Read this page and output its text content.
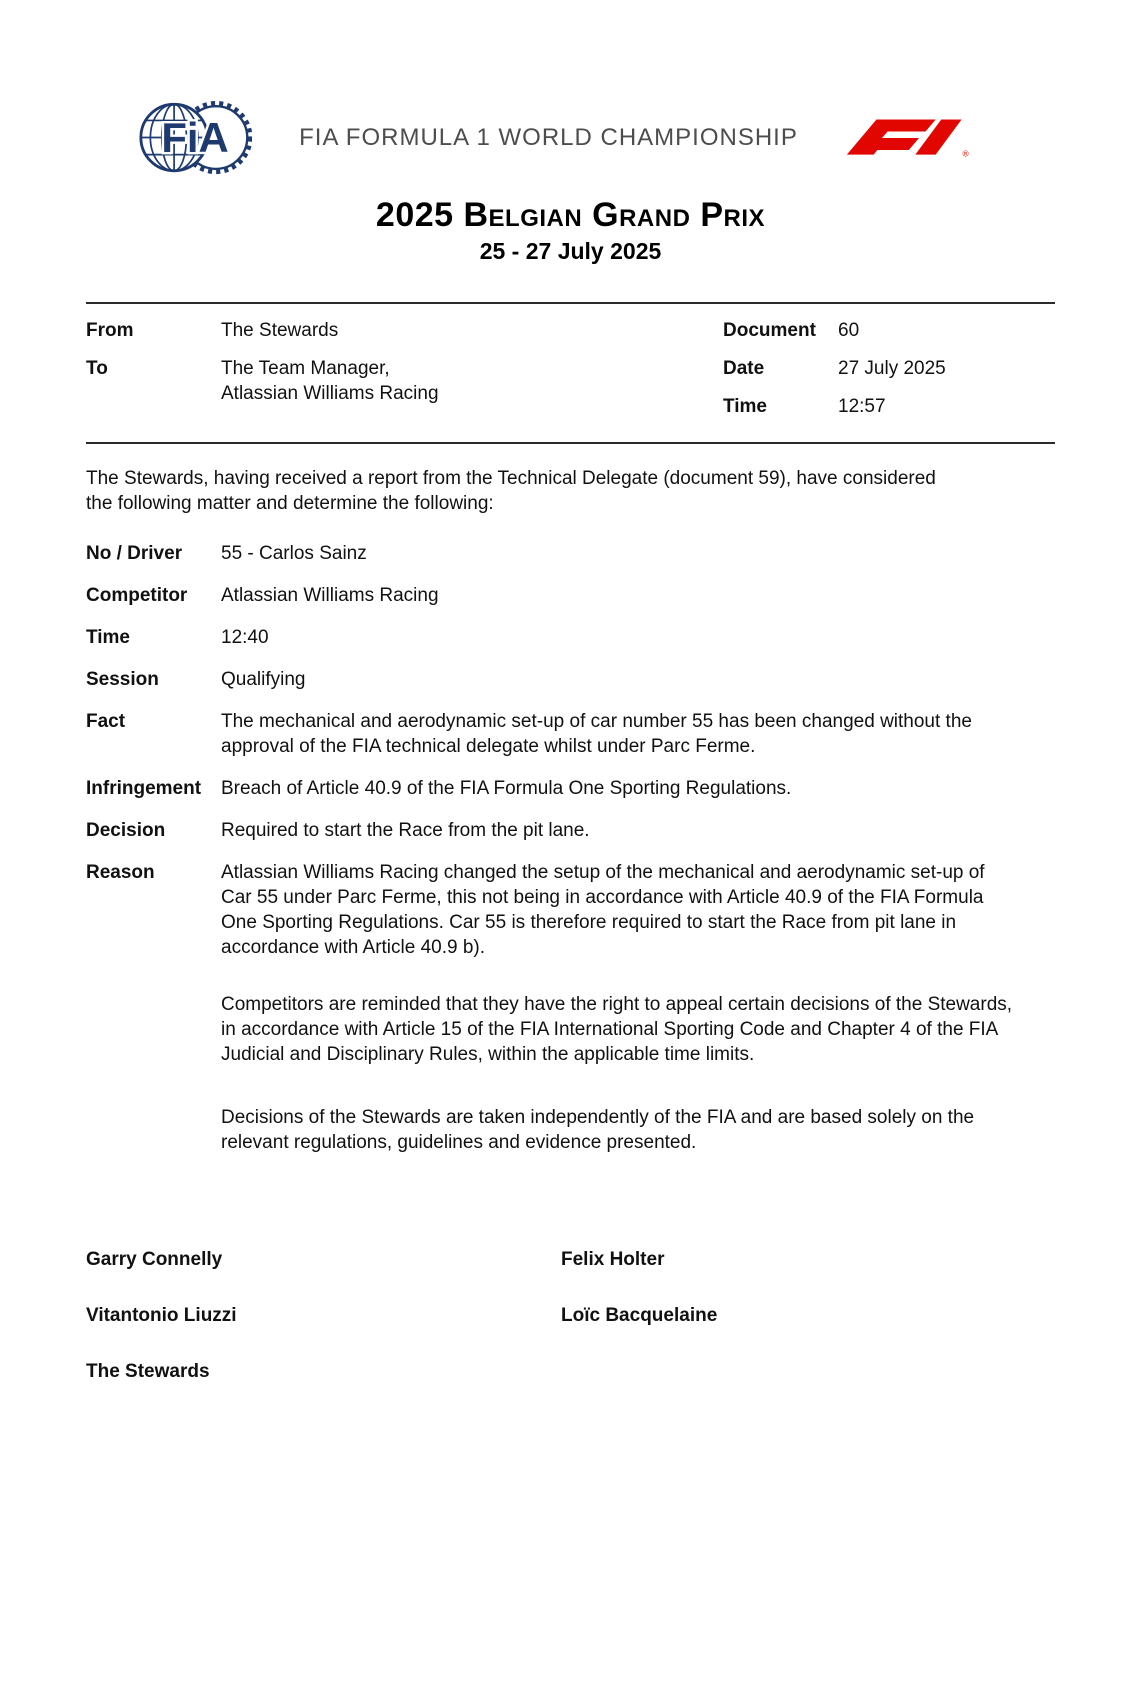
FiA	FIA FORMULA 1 WORLD CHAMPIONSHIP
®
2025 Belgian Grand Prix
25 - 27 July 2025
From	The Stewards
To	The Team Manager,
Atlassian Williams Racing
Document	60
Date	27 July 2025
Time	12:57

The Stewards, having received a report from the Technical Delegate (document 59), have considered the following matter and determine the following:

No / Driver	55 - Carlos Sainz
Competitor	Atlassian Williams Racing
Time	12:40
Session	Qualifying
Fact	The mechanical and aerodynamic set-up of car number 55 has been changed without the approval of the FIA technical delegate whilst under Parc Ferme.
Infringement	Breach of Article 40.9 of the FIA Formula One Sporting Regulations.
Decision	Required to start the Race from the pit lane.
Reason	Atlassian Williams Racing changed the setup of the mechanical and aerodynamic set-up of Car 55 under Parc Ferme, this not being in accordance with Article 40.9 of the FIA Formula One Sporting Regulations. Car 55 is therefore required to start the Race from pit lane in accordance with Article 40.9 b).

Competitors are reminded that they have the right to appeal certain decisions of the Stewards, in accordance with Article 15 of the FIA International Sporting Code and Chapter 4 of the FIA Judicial and Disciplinary Rules, within the applicable time limits.

Decisions of the Stewards are taken independently of the FIA and are based solely on the relevant regulations, guidelines and evidence presented.

Garry Connelly	Felix Holter
Vitantonio Liuzzi	Loïc Bacquelaine
The Stewards
